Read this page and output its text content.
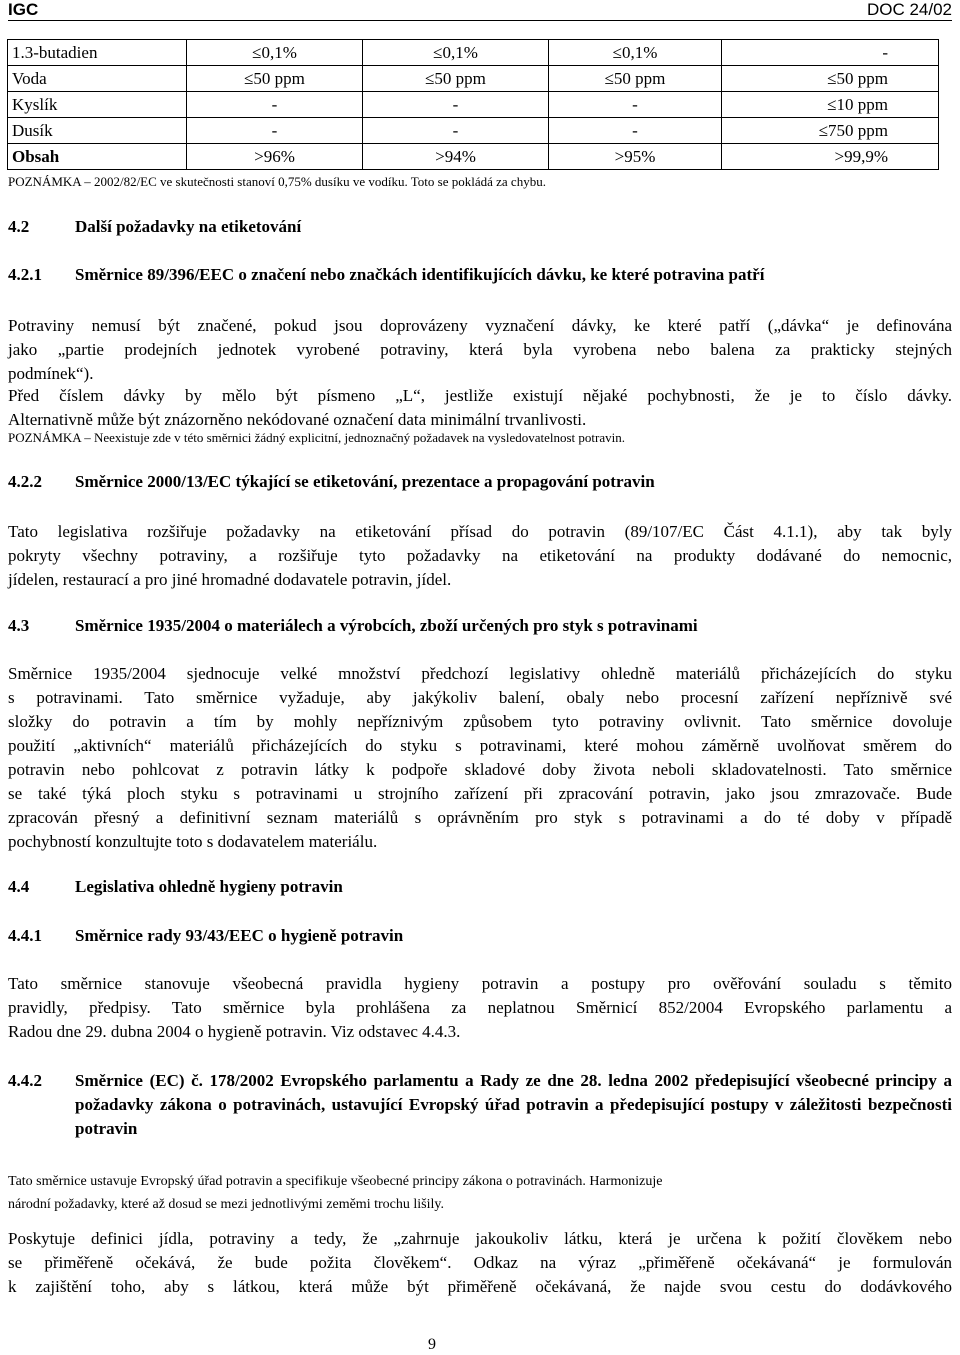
IGC	DOC 24/02
1.3-butadien	≤0,1%	≤0,1%	≤0,1%	-
Voda	≤50 ppm	≤50 ppm	≤50 ppm	≤50 ppm
Kyslík	-	-	-	≤10 ppm
Dusík	-	-	-	≤750 ppm
Obsah	>96%	>94%	>95%	>99,9%
POZNÁMKA – 2002/82/EC ve skutečnosti stanoví 0,75% dusíku ve vodíku. Toto se pokládá za chybu.
4.2	Další požadavky na etiketování
4.2.1 Směrnice 89/396/EEC o značení nebo značkách identifikujících dávku, ke které potravina patří
Potraviny nemusí být značené, pokud jsou doprovázeny vyznačení dávky, ke které patří („dávka“ je definována
jako „partie prodejních jednotek vyrobené potraviny, která byla vyrobena nebo balena za prakticky stejných
podmínek“).
Před číslem dávky by mělo být písmeno „L“, jestliže existují nějaké pochybnosti, že je to číslo dávky.
Alternativně může být znázorněno nekódované označení data minimální trvanlivosti.
POZNÁMKA – Neexistuje zde v této směrnici žádný explicitní, jednoznačný požadavek na vysledovatelnost potravin.
4.2.2 Směrnice 2000/13/EC týkající se etiketování, prezentace a propagování potravin
Tato legislativa rozšiřuje požadavky na etiketování přísad do potravin (89/107/EC Část 4.1.1), aby tak byly
pokryty všechny potraviny, a rozšiřuje tyto požadavky na etiketování na produkty dodávané do nemocnic,
jídelen, restaurací a pro jiné hromadné dodavatele potravin, jídel.
4.3	Směrnice 1935/2004 o materiálech a výrobcích, zboží určených pro styk s potravinami
Směrnice 1935/2004 sjednocuje velké množství předchozí legislativy ohledně materiálů přicházejících do styku
s potravinami. Tato směrnice vyžaduje, aby jakýkoliv balení, obaly nebo procesní zařízení nepříznivě své
složky do potravin a tím by mohly nepříznivým způsobem tyto potraviny ovlivnit. Tato směrnice dovoluje
použití „aktivních“ materiálů přicházejících do styku s potravinami, které mohou záměrně uvolňovat směrem do
potravin nebo pohlcovat z potravin látky k podpoře skladové doby života neboli skladovatelnosti. Tato směrnice
se také týká ploch styku s potravinami u strojního zařízení při zpracování potravin, jako jsou zmrazovače. Bude
zpracován přesný a definitivní seznam materiálů s oprávněním pro styk s potravinami a do té doby v případě
pochybností konzultujte toto s dodavatelem materiálu.
4.4	Legislativa ohledně hygieny potravin
4.4.1 Směrnice rady 93/43/EEC o hygieně potravin
Tato směrnice stanovuje všeobecná pravidla hygieny potravin a postupy pro ověřování souladu s těmito
pravidly, předpisy. Tato směrnice byla prohlášena za neplatnou Směrnicí 852/2004 Evropského parlamentu a
Radou dne 29. dubna 2004 o hygieně potravin. Viz odstavec 4.4.3.
4.4.2 Směrnice (EC) č. 178/2002 Evropského parlamentu a Rady ze dne 28. ledna 2002 předepisující všeobecné principy a požadavky zákona o potravinách, ustavující Evropský úřad potravin a předepisující postupy v záležitosti bezpečnosti potravin
Tato směrnice ustavuje Evropský úřad potravin a specifikuje všeobecné principy zákona o potravinách. Harmonizuje
národní požadavky, které až dosud se mezi jednotlivými zeměmi trochu lišily.
Poskytuje definici jídla, potraviny a tedy, že „zahrnuje jakoukoliv látku, která je určena k požití člověkem nebo
se přiměřeně očekává, že bude požita člověkem“. Odkaz na výraz „přiměřeně očekávaná“ je formulován
k zajištění toho, aby s látkou, která může být přiměřeně očekávaná, že najde svou cestu do dodávkového
9
